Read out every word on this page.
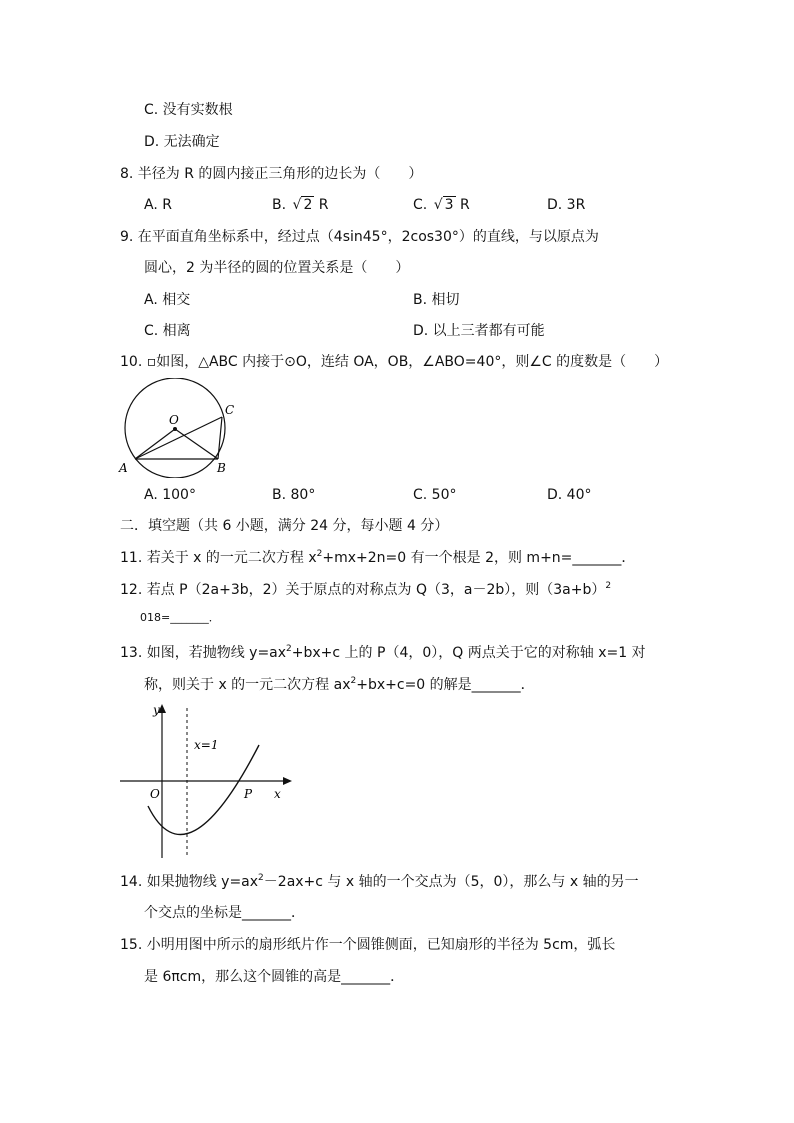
C. 没有实数根
D. 无法确定
8. 半径为 R 的圆内接正三角形的边长为（　　）
A. R	B. √ 2 R	C. √ 3 R	D. 3R
9. 在平面直角坐标系中，经过点（4sin45°，2cos30°）的直线，与以原点为
圆心，2 为半径的圆的位置关系是（　　）
A. 相交	B. 相切
C. 相离	D. 以上三者都有可能
10. ▫如图，△ABC 内接于⊙O，连结 OA，OB，∠ABO=40°，则∠C 的度数是（　　）
O
A	B
C
A. 100°	B. 80°	C. 50°	D. 40°
二．填空题（共 6 小题，满分 24 分，每小题 4 分）
11. 若关于 x 的一元二次方程 $x^2+mx+2n=0$ 有一个根是 2，则 m+n=_______．
12. 若点 P（2a+3b，2）关于原点的对称点为 Q（3，a－2b），则$(3a+b)^2$
018=_______．
13. 如图，若抛物线 $y=ax^2+bx+c$ 上的 P（4，0），Q 两点关于它的对称轴 x=1 对
称，则关于 x 的一元二次方程 $ax^2+bx+c=0$ 的解是_______．
y
x
O	P
x=1
14. 如果抛物线 $y=ax^2-2ax+c$ 与 x 轴的一个交点为（5，0），那么与 x 轴的另一
个交点的坐标是_______．
15. 小明用图中所示的扇形纸片作一个圆锥侧面，已知扇形的半径为 5cm，弧长
是 6πcm，那么这个圆锥的高是_______．
